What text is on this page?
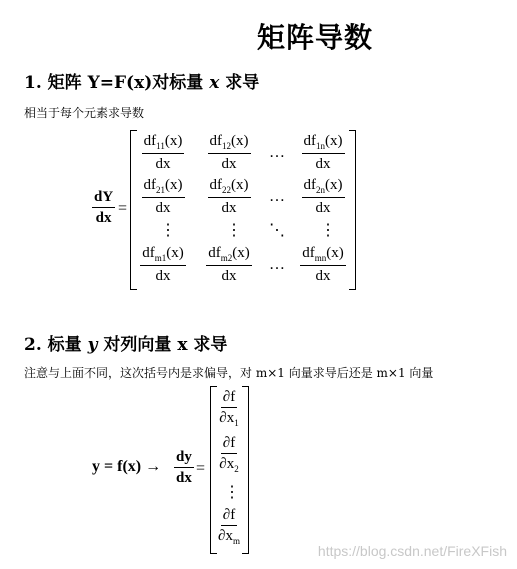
矩阵导数
1. 矩阵 Y=F(x)对标量 x 求导
相当于每个元素求导数
$\frac{dY}{dx}$ =
$\frac{df_{11}(x)}{dx} \frac{df_{12}(x)}{dx}$ … $\frac{df_{1n}(x)}{dx}$
$\frac{df_{21}(x)}{dx} \frac{df_{22}(x)}{dx}$ … $\frac{df_{2n}(x)}{dx}$
⋮	⋮ ⋱ ⋮
$\frac{df_{m1}(x)}{dx} \frac{df_{m2}(x)}{dx}$ … $\frac{df_{mn}(x)}{dx}$
2. 标量 y 对列向量 x 求导
注意与上面不同，这次括号内是求偏导，对 m×1 向量求导后还是 m×1 向量
$y = f(x) \to \frac{dy}{dx}$ =
$\frac{\partial f}{\partial x_1}$
$\frac{\partial f}{\partial x_2}$
⋮
$\frac{\partial f}{\partial x_m}$
https://blog.csdn.net/FireXFish
